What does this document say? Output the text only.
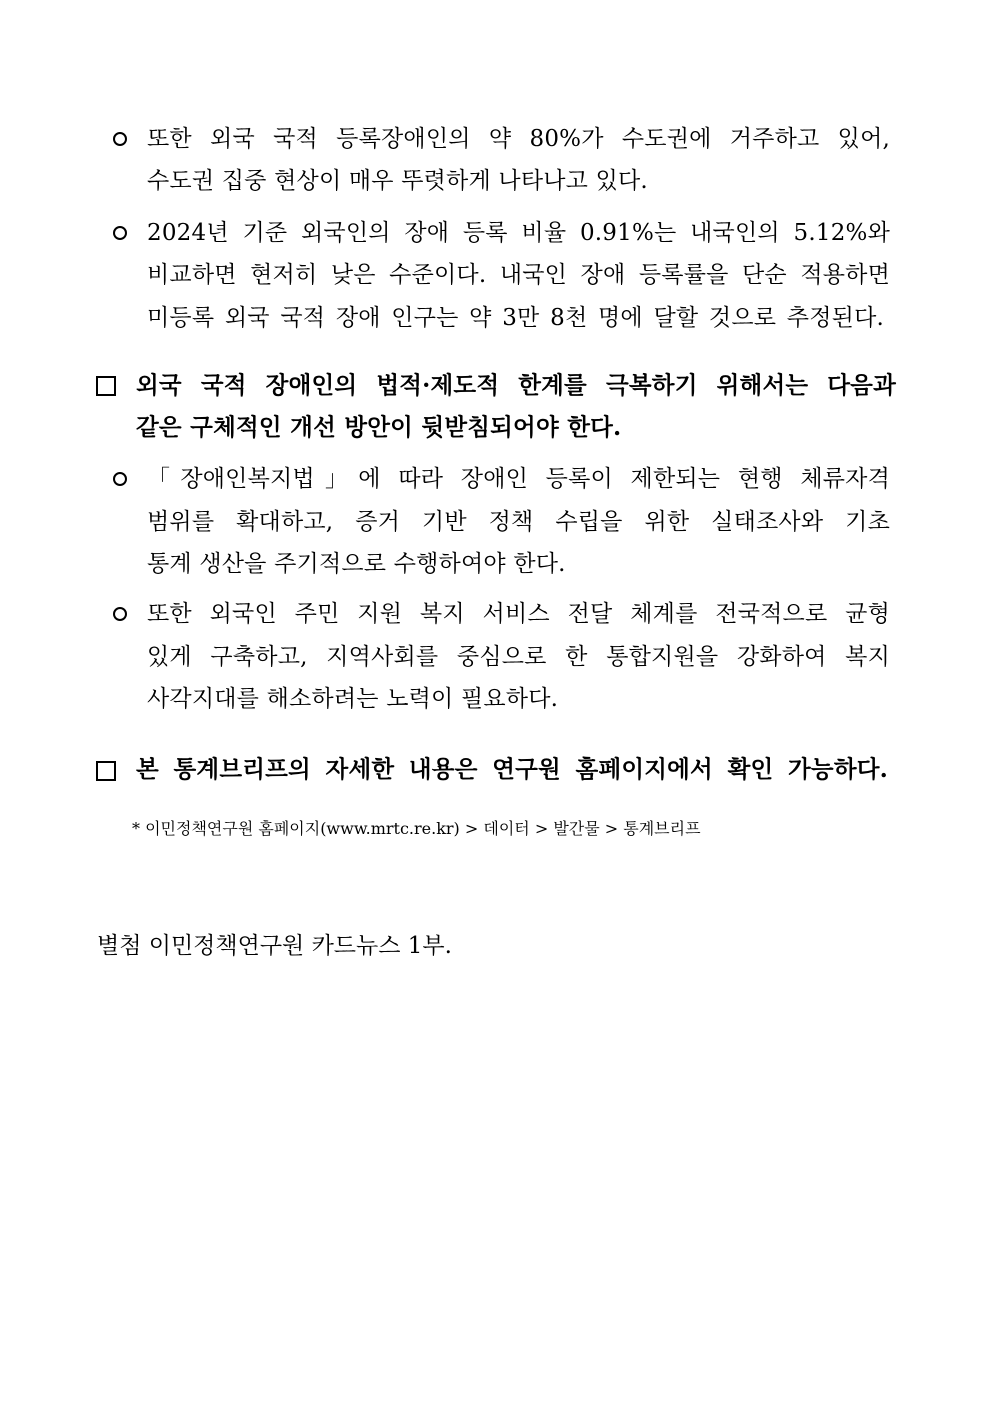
또한 외국 국적 등록장애인의 약 80%가 수도권에 거주하고 있어,
수도권 집중 현상이 매우 뚜렷하게 나타나고 있다.
2024년 기준 외국인의 장애 등록 비율 0.91%는 내국인의 5.12%와
비교하면 현저히 낮은 수준이다. 내국인 장애 등록률을 단순 적용하면
미등록 외국 국적 장애 인구는 약 3만 8천 명에 달할 것으로 추정된다.
외국 국적 장애인의 법적·제도적 한계를 극복하기 위해서는 다음과
같은 구체적인 개선 방안이 뒷받침되어야 한다.
「장애인복지법」에 따라 장애인 등록이 제한되는 현행 체류자격
범위를 확대하고, 증거 기반 정책 수립을 위한 실태조사와 기초
통계 생산을 주기적으로 수행하여야 한다.
또한 외국인 주민 지원 복지 서비스 전달 체계를 전국적으로 균형
있게 구축하고, 지역사회를 중심으로 한 통합지원을 강화하여 복지
사각지대를 해소하려는 노력이 필요하다.
본 통계브리프의 자세한 내용은 연구원 홈페이지에서 확인 가능하다.
* 이민정책연구원 홈페이지(www.mrtc.re.kr) > 데이터 > 발간물 > 통계브리프
별첨 이민정책연구원 카드뉴스 1부.
